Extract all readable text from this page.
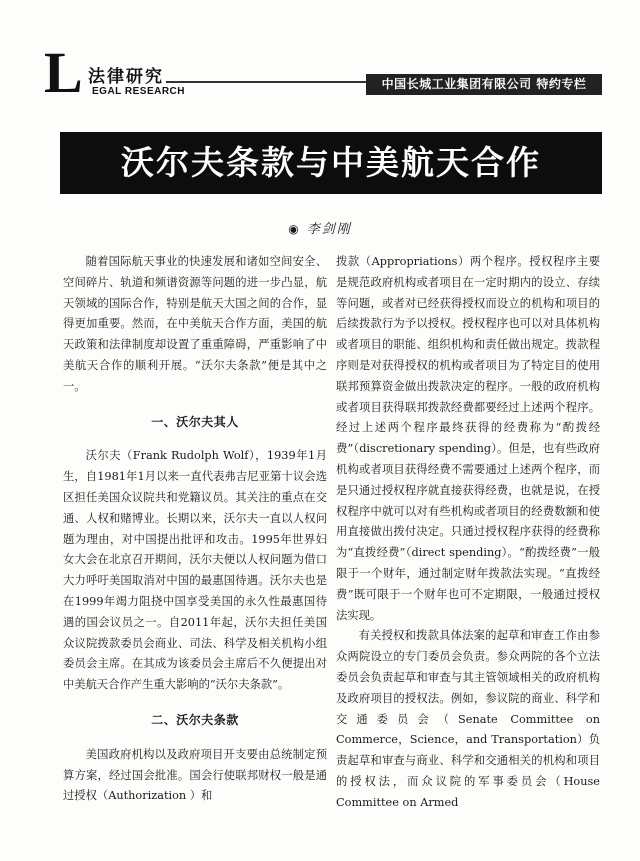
L 法律研究
EGAL RESEARCH
中国长城工业集团有限公司 特约专栏
沃尔夫条款与中美航天合作
◉ 李剑刚

随着国际航天事业的快速发展和诸如空间安全、空间碎片、轨道和频谱资源等问题的进一步凸显，航天领域的国际合作，特别是航天大国之间的合作，显得更加重要。然而，在中美航天合作方面，美国的航天政策和法律制度却设置了重重障碍，严重影响了中美航天合作的顺利开展。“沃尔夫条款”便是其中之一。

一、沃尔夫其人

沃尔夫（Frank Rudolph Wolf），1939年1月生，自1981年1月以来一直代表弗吉尼亚第十议会选区担任美国众议院共和党籍议员。其关注的重点在交通、人权和赌博业。长期以来，沃尔夫一直以人权问题为理由，对中国提出批评和攻击。1995年世界妇女大会在北京召开期间，沃尔夫便以人权问题为借口大力呼吁美国取消对中国的最惠国待遇。沃尔夫也是在1999年竭力阻挠中国享受美国的永久性最惠国待遇的国会议员之一。自2011年起，沃尔夫担任美国众议院拨款委员会商业、司法、科学及相关机构小组委员会主席。在其成为该委员会主席后不久便提出对中美航天合作产生重大影响的“沃尔夫条款”。

二、沃尔夫条款

美国政府机构以及政府项目开支要由总统制定预算方案，经过国会批准。国会行使联邦财权一般是通过授权（Authorization ）和

拨款（Appropriations）两个程序。授权程序主要是规范政府机构或者项目在一定时期内的设立、存续等问题，或者对已经获得授权而设立的机构和项目的后续拨款行为予以授权。授权程序也可以对具体机构或者项目的职能、组织机构和责任做出规定。拨款程序则是对获得授权的机构或者项目为了特定目的使用联邦预算资金做出拨款决定的程序。一般的政府机构或者项目获得联邦拨款经费都要经过上述两个程序。经过上述两个程序最终获得的经费称为“酌拨经费”（discretionary spending）。但是，也有些政府机构或者项目获得经费不需要通过上述两个程序，而是只通过授权程序就直接获得经费，也就是说，在授权程序中就可以对有些机构或者项目的经费数额和使用直接做出拨付决定。只通过授权程序获得的经费称为“直拨经费”（direct spending）。“酌拨经费”一般限于一个财年，通过制定财年拨款法实现。“直拨经费”既可限于一个财年也可不定期限，一般通过授权法实现。

有关授权和拨款具体法案的起草和审查工作由参众两院设立的专门委员会负责。参众两院的各个立法委员会负责起草和审查与其主管领域相关的政府机构及政府项目的授权法。例如，参议院的商业、科学和交通委员会（Senate Committee on Commerce，Science，and Transportation）负责起草和审查与商业、科学和交通相关的机构和项目的授权法，而众议院的军事委员会（House Committee on Armed
